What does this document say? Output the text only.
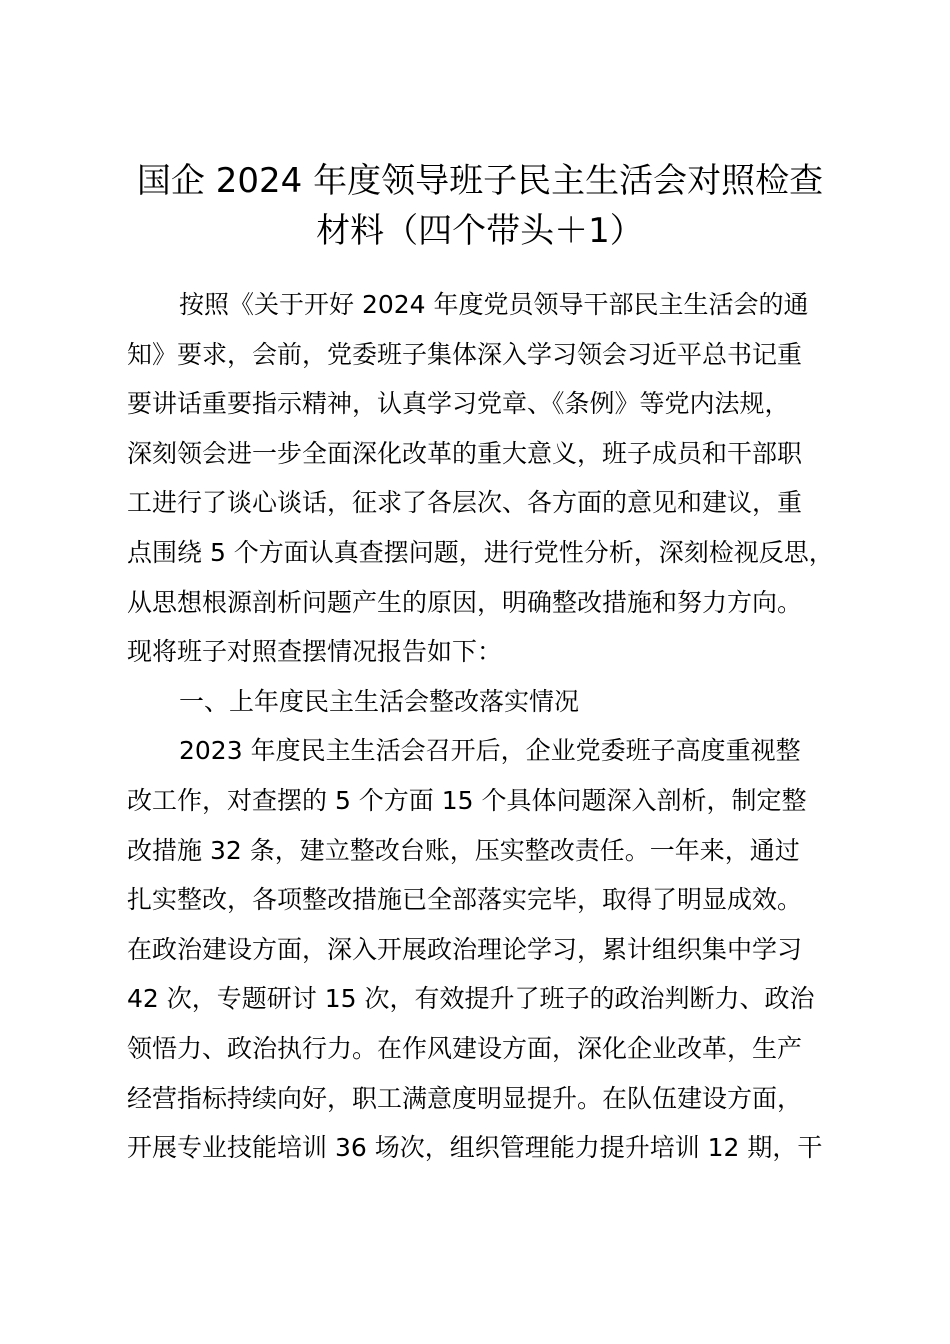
国企 2024 年度领导班子民主生活会对照检查
材料（四个带头＋1）
按照《关于开好 2024 年度党员领导干部民主生活会的通
知》要求，会前，党委班子集体深入学习领会习近平总书记重
要讲话重要指示精神，认真学习党章、《条例》等党内法规，
深刻领会进一步全面深化改革的重大意义，班子成员和干部职
工进行了谈心谈话，征求了各层次、各方面的意见和建议，重
点围绕 5 个方面认真查摆问题，进行党性分析，深刻检视反思，
从思想根源剖析问题产生的原因，明确整改措施和努力方向。
现将班子对照查摆情况报告如下：
一、上年度民主生活会整改落实情况
2023 年度民主生活会召开后，企业党委班子高度重视整
改工作，对查摆的 5 个方面 15 个具体问题深入剖析，制定整
改措施 32 条，建立整改台账，压实整改责任。一年来，通过
扎实整改，各项整改措施已全部落实完毕，取得了明显成效。
在政治建设方面，深入开展政治理论学习，累计组织集中学习
42 次，专题研讨 15 次，有效提升了班子的政治判断力、政治
领悟力、政治执行力。在作风建设方面，深化企业改革，生产
经营指标持续向好，职工满意度明显提升。在队伍建设方面，
开展专业技能培训 36 场次，组织管理能力提升培训 12 期，干
